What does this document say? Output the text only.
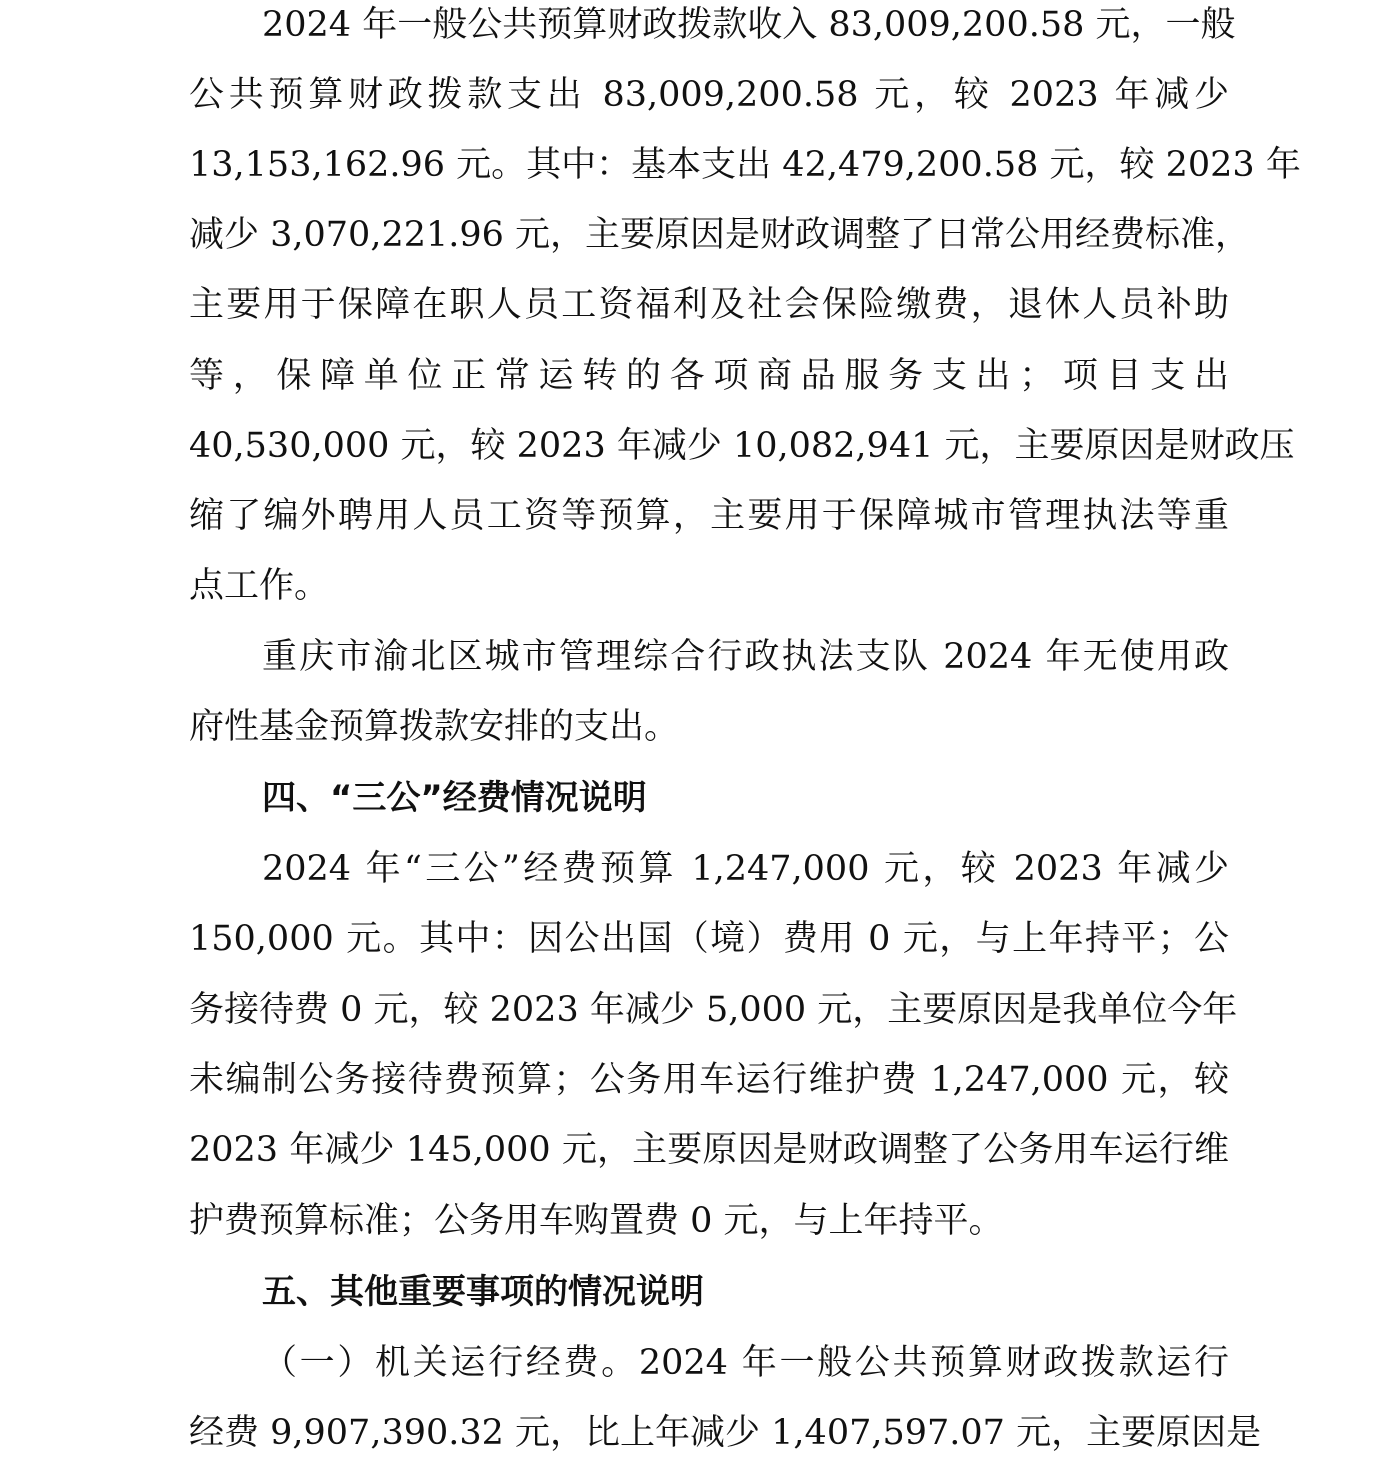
2024 年一般公共预算财政拨款收入 83,009,200.58 元，一般
公共预算财政拨款支出 83,009,200.58 元，较 2023 年减少
13,153,162.96 元。其中：基本支出 42,479,200.58 元，较 2023 年
减少 3,070,221.96 元，主要原因是财政调整了日常公用经费标准，
主要用于保障在职人员工资福利及社会保险缴费，退休人员补助
等，保障单位正常运转的各项商品服务支出；项目支出
40,530,000 元，较 2023 年减少 10,082,941 元，主要原因是财政压
缩了编外聘用人员工资等预算，主要用于保障城市管理执法等重
点工作。
重庆市渝北区城市管理综合行政执法支队 2024 年无使用政
府性基金预算拨款安排的支出。
四、“三公”经费情况说明
2024 年“三公”经费预算 1,247,000 元，较 2023 年减少
150,000 元。其中：因公出国（境）费用 0 元，与上年持平；公
务接待费 0 元，较 2023 年减少 5,000 元，主要原因是我单位今年
未编制公务接待费预算；公务用车运行维护费 1,247,000 元，较
2023 年减少 145,000 元，主要原因是财政调整了公务用车运行维
护费预算标准；公务用车购置费 0 元，与上年持平。
五、其他重要事项的情况说明
（一）机关运行经费。2024 年一般公共预算财政拨款运行
经费 9,907,390.32 元，比上年减少 1,407,597.07 元，主要原因是
